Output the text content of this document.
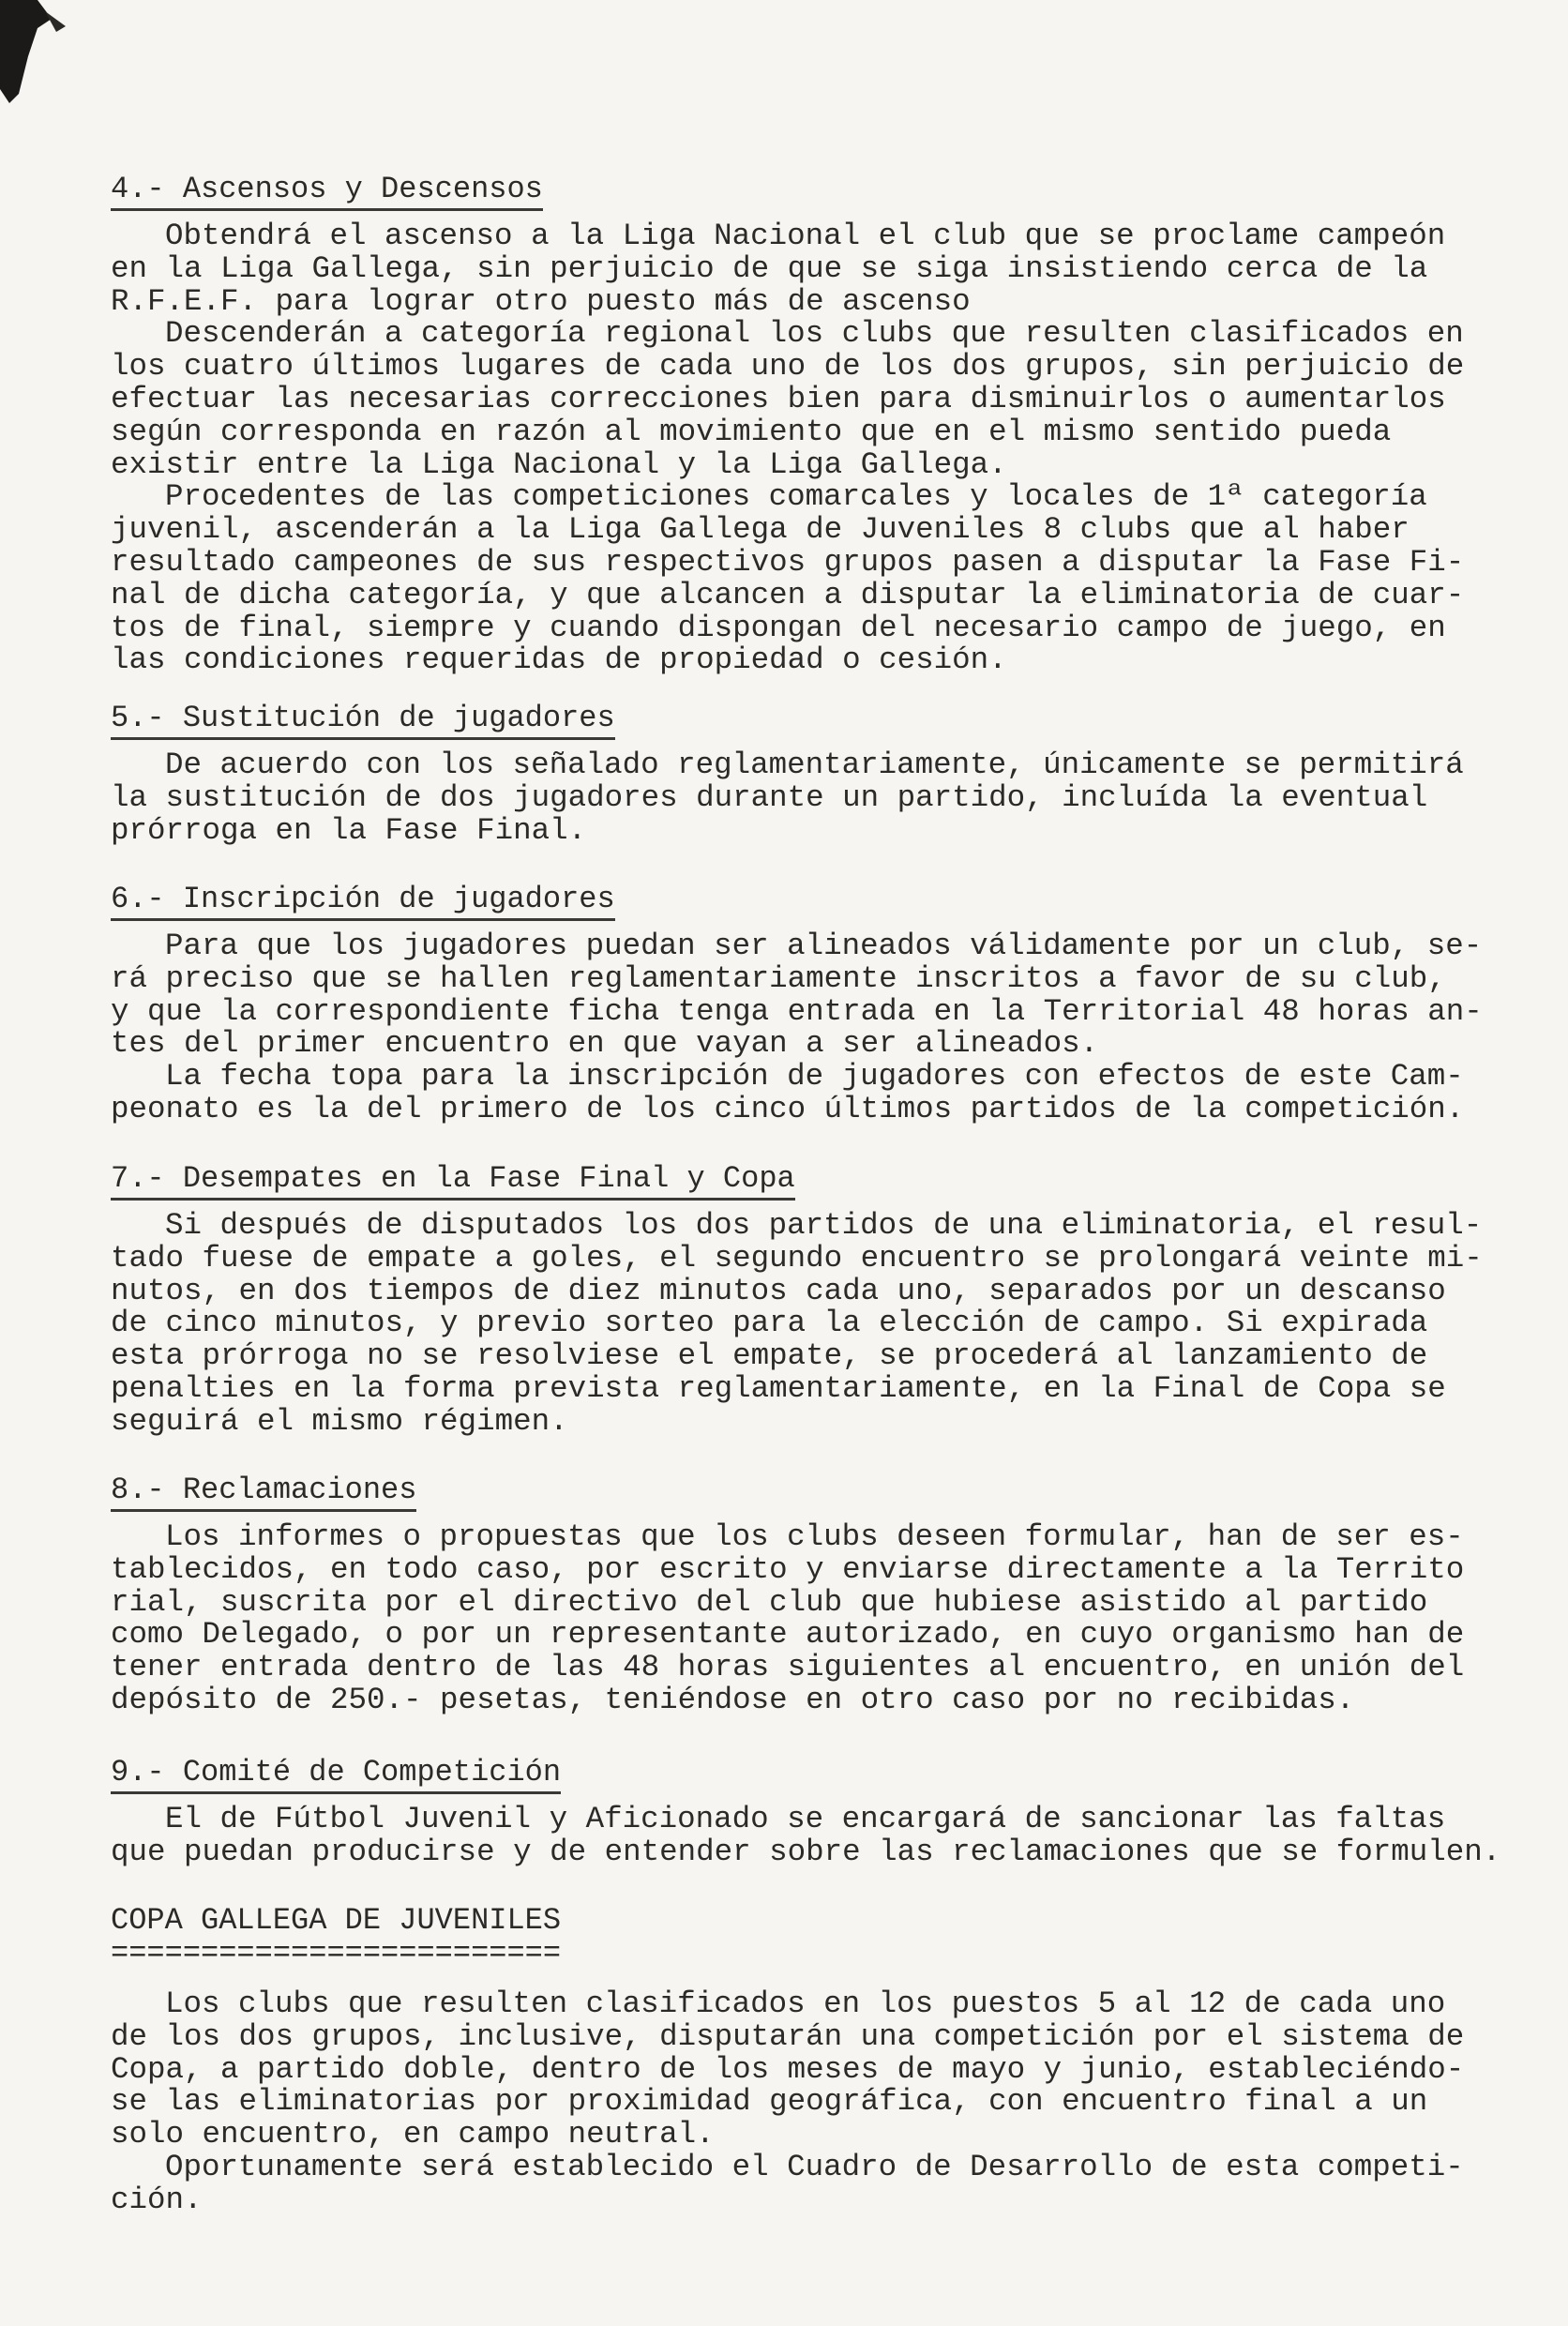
4.- Ascensos y Descensos
Obtendrá el ascenso a la Liga Nacional el club que se proclame campeón
en la Liga Gallega, sin perjuicio de que se siga insistiendo cerca de la
R.F.E.F. para lograr otro puesto más de ascenso
Descenderán a categoría regional los clubs que resulten clasificados en
los cuatro últimos lugares de cada uno de los dos grupos, sin perjuicio de
efectuar las necesarias correcciones bien para disminuirlos o aumentarlos
según corresponda en razón al movimiento que en el mismo sentido pueda
existir entre la Liga Nacional y la Liga Gallega.
Procedentes de las competiciones comarcales y locales de 1ª categoría
juvenil, ascenderán a la Liga Gallega de Juveniles 8 clubs que al haber
resultado campeones de sus respectivos grupos pasen a disputar la Fase Fi-
nal de dicha categoría, y que alcancen a disputar la eliminatoria de cuar-
tos de final, siempre y cuando dispongan del necesario campo de juego, en
las condiciones requeridas de propiedad o cesión.
5.- Sustitución de jugadores
De acuerdo con los señalado reglamentariamente, únicamente se permitirá
la sustitución de dos jugadores durante un partido, incluída la eventual
prórroga en la Fase Final.
6.- Inscripción de jugadores
Para que los jugadores puedan ser alineados válidamente por un club, se-
rá preciso que se hallen reglamentariamente inscritos a favor de su club,
y que la correspondiente ficha tenga entrada en la Territorial 48 horas an-
tes del primer encuentro en que vayan a ser alineados.
La fecha topa para la inscripción de jugadores con efectos de este Cam-
peonato es la del primero de los cinco últimos partidos de la competición.
7.- Desempates en la Fase Final y Copa
Si después de disputados los dos partidos de una eliminatoria, el resul-
tado fuese de empate a goles, el segundo encuentro se prolongará veinte mi-
nutos, en dos tiempos de diez minutos cada uno, separados por un descanso
de cinco minutos, y previo sorteo para la elección de campo. Si expirada
esta prórroga no se resolviese el empate, se procederá al lanzamiento de
penalties en la forma prevista reglamentariamente, en la Final de Copa se
seguirá el mismo régimen.
8.- Reclamaciones
Los informes o propuestas que los clubs deseen formular, han de ser es-
tablecidos, en todo caso, por escrito y enviarse directamente a la Territo
rial, suscrita por el directivo del club que hubiese asistido al partido
como Delegado, o por un representante autorizado, en cuyo organismo han de
tener entrada dentro de las 48 horas siguientes al encuentro, en unión del
depósito de 250.- pesetas, teniéndose en otro caso por no recibidas.
9.- Comité de Competición
El de Fútbol Juvenil y Aficionado se encargará de sancionar las faltas
que puedan producirse y de entender sobre las reclamaciones que se formulen.
COPA GALLEGA DE JUVENILES
=========================
Los clubs que resulten clasificados en los puestos 5 al 12 de cada uno
de los dos grupos, inclusive, disputarán una competición por el sistema de
Copa, a partido doble, dentro de los meses de mayo y junio, estableciéndo-
se las eliminatorias por proximidad geográfica, con encuentro final a un
solo encuentro, en campo neutral.
Oportunamente será establecido el Cuadro de Desarrollo de esta competi-
ción.
